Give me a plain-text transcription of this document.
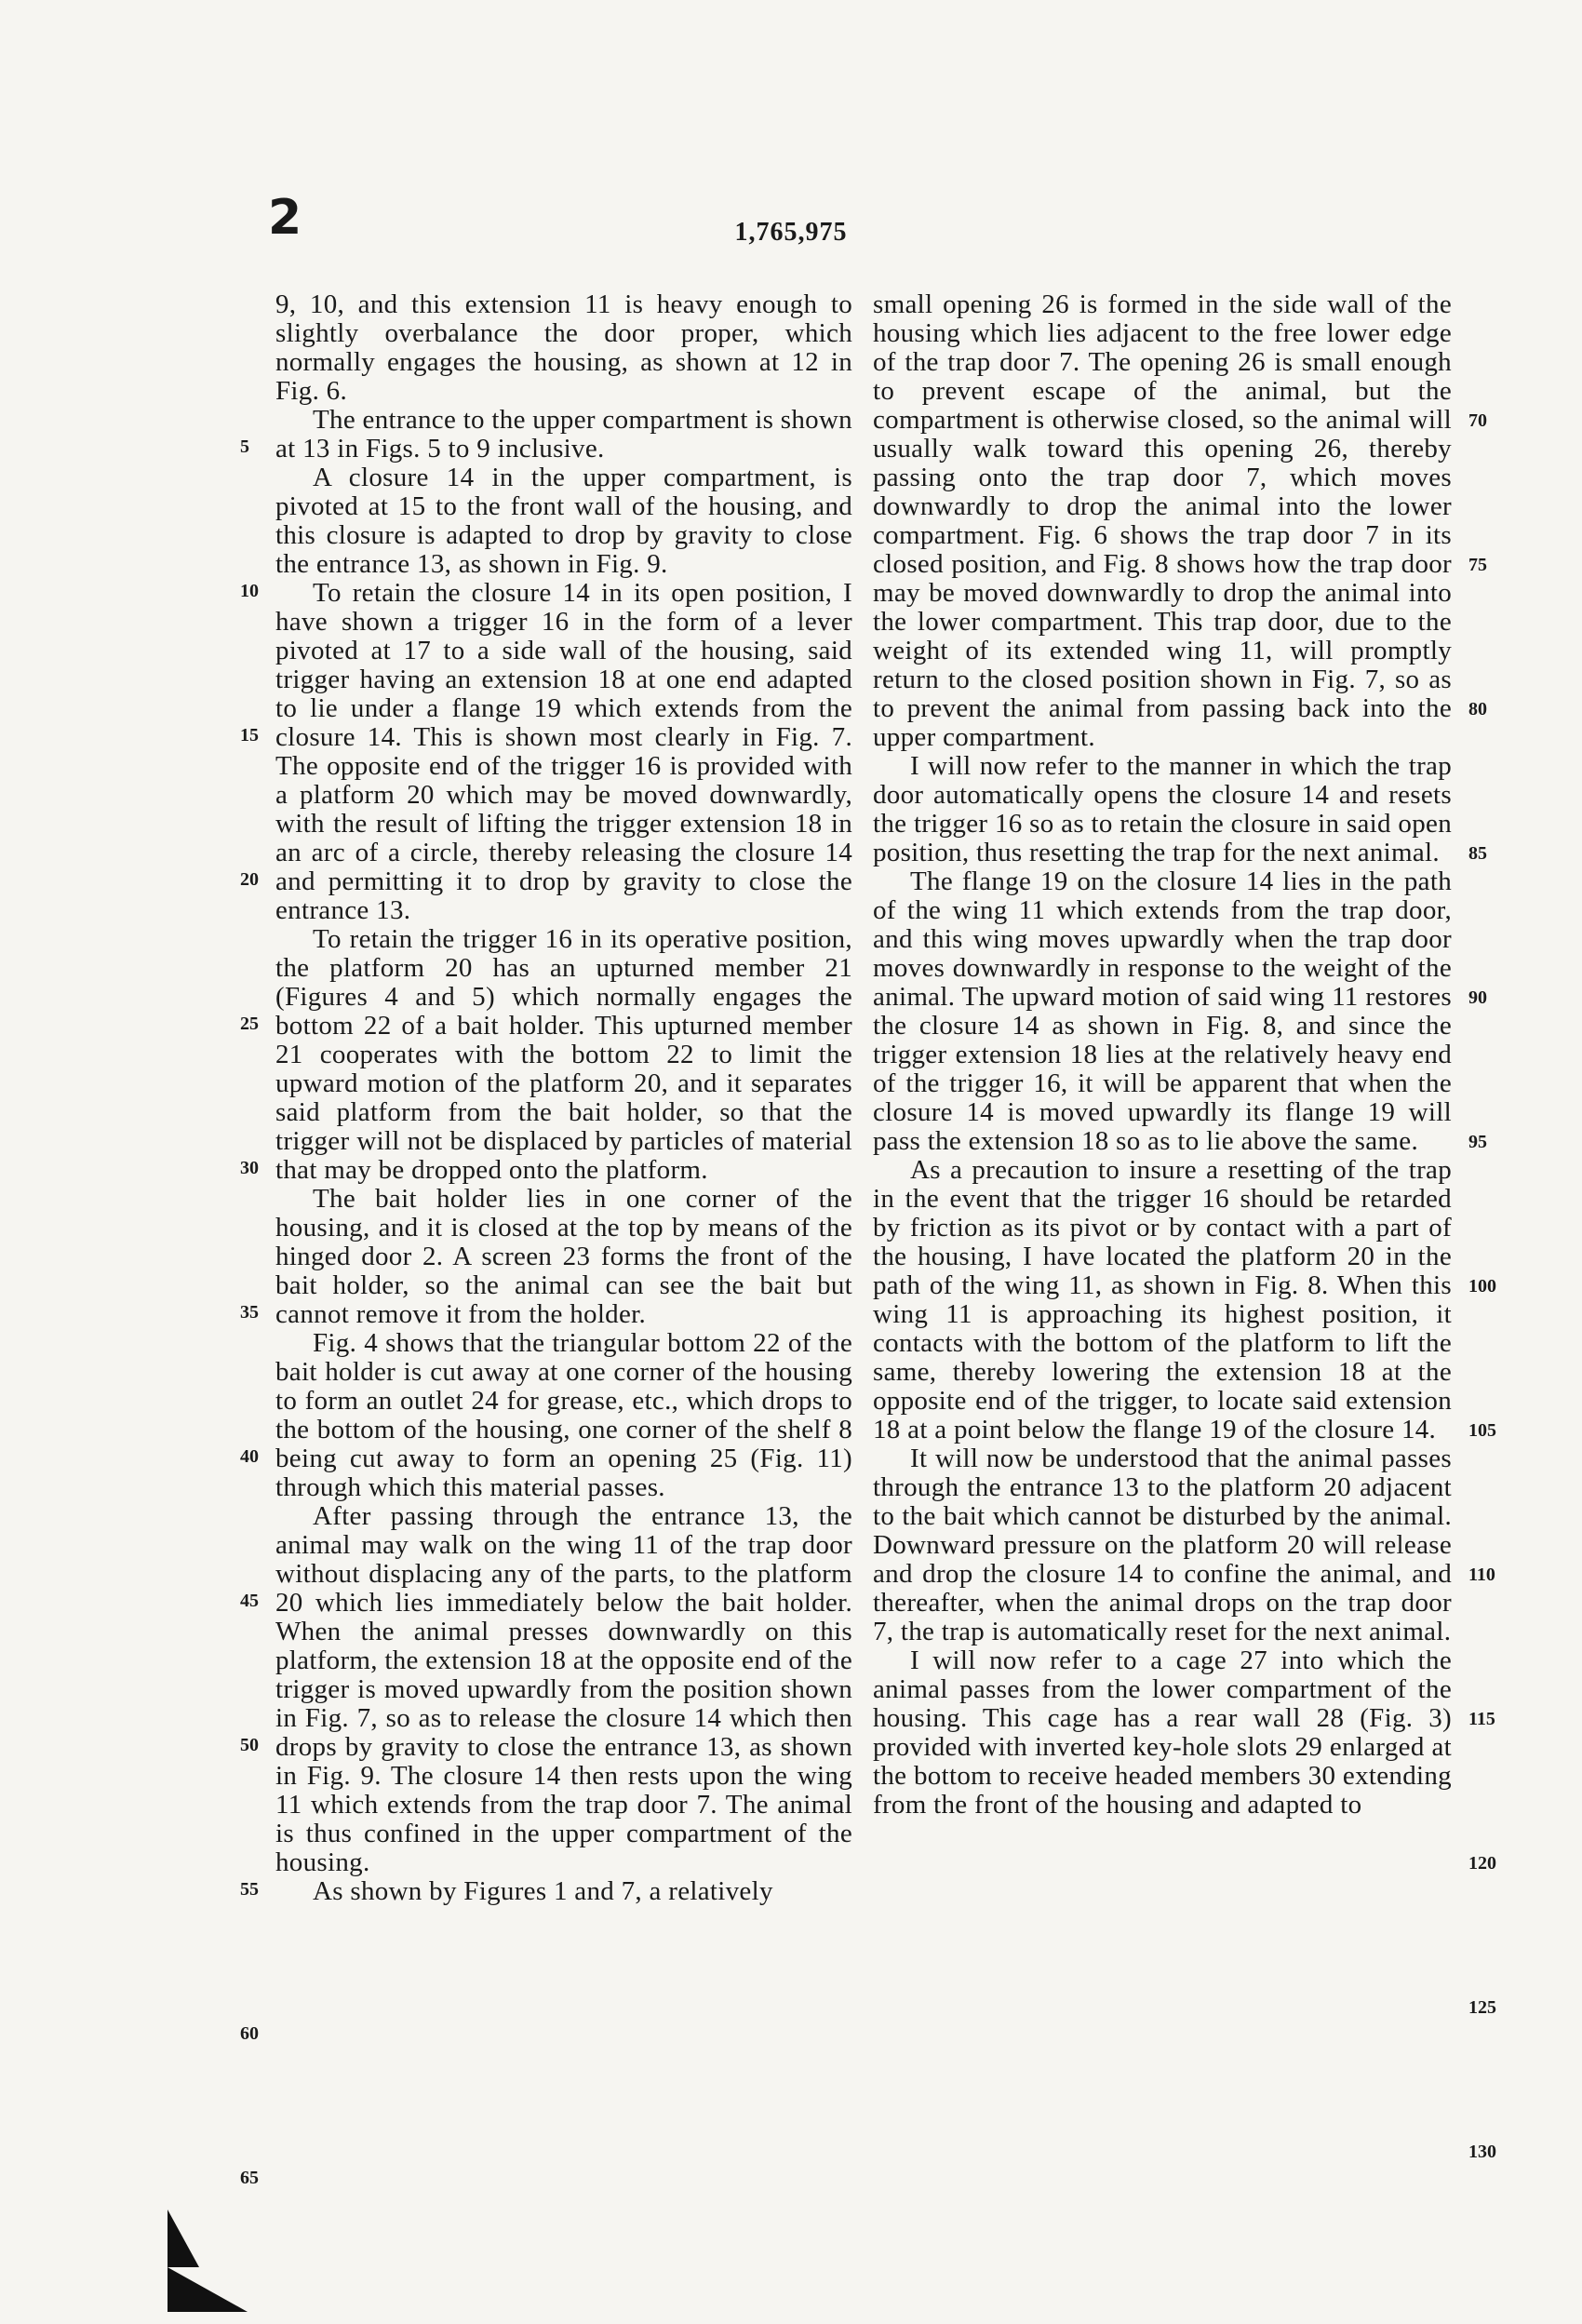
2	1,765,975

9, 10, and this extension 11 is heavy enough to slightly overbalance the door proper, which normally engages the housing, as shown at 12 in Fig. 6.

The entrance to the upper compartment is shown at 13 in Figs. 5 to 9 inclusive.

A closure 14 in the upper compartment, is pivoted at 15 to the front wall of the housing, and this closure is adapted to drop by gravity to close the entrance 13, as shown in Fig. 9.

To retain the closure 14 in its open position, I have shown a trigger 16 in the form of a lever pivoted at 17 to a side wall of the housing, said trigger having an extension 18 at one end adapted to lie under a flange 19 which extends from the closure 14. This is shown most clearly in Fig. 7. The opposite end of the trigger 16 is provided with a platform 20 which may be moved downwardly, with the result of lifting the trigger extension 18 in an arc of a circle, thereby releasing the closure 14 and permitting it to drop by gravity to close the entrance 13.

To retain the trigger 16 in its operative position, the platform 20 has an upturned member 21 (Figures 4 and 5) which normally engages the bottom 22 of a bait holder. This upturned member 21 cooperates with the bottom 22 to limit the upward motion of the platform 20, and it separates said platform from the bait holder, so that the trigger will not be displaced by particles of material that may be dropped onto the platform.

The bait holder lies in one corner of the housing, and it is closed at the top by means of the hinged door 2. A screen 23 forms the front of the bait holder, so the animal can see the bait but cannot remove it from the holder.

Fig. 4 shows that the triangular bottom 22 of the bait holder is cut away at one corner of the housing to form an outlet 24 for grease, etc., which drops to the bottom of the housing, one corner of the shelf 8 being cut away to form an opening 25 (Fig. 11) through which this material passes.

After passing through the entrance 13, the animal may walk on the wing 11 of the trap door without displacing any of the parts, to the platform 20 which lies immediately below the bait holder. When the animal presses downwardly on this platform, the extension 18 at the opposite end of the trigger is moved upwardly from the position shown in Fig. 7, so as to release the closure 14 which then drops by gravity to close the entrance 13, as shown in Fig. 9. The closure 14 then rests upon the wing 11 which extends from the trap door 7. The animal is thus confined in the upper compartment of the housing.

As shown by Figures 1 and 7, a relatively

small opening 26 is formed in the side wall of the housing which lies adjacent to the free lower edge of the trap door 7. The opening 26 is small enough to prevent escape of the animal, but the compartment is otherwise closed, so the animal will usually walk toward this opening 26, thereby passing onto the trap door 7, which moves downwardly to drop the animal into the lower compartment. Fig. 6 shows the trap door 7 in its closed position, and Fig. 8 shows how the trap door may be moved downwardly to drop the animal into the lower compartment. This trap door, due to the weight of its extended wing 11, will promptly return to the closed position shown in Fig. 7, so as to prevent the animal from passing back into the upper compartment.

I will now refer to the manner in which the trap door automatically opens the closure 14 and resets the trigger 16 so as to retain the closure in said open position, thus resetting the trap for the next animal.

The flange 19 on the closure 14 lies in the path of the wing 11 which extends from the trap door, and this wing moves upwardly when the trap door moves downwardly in response to the weight of the animal. The upward motion of said wing 11 restores the closure 14 as shown in Fig. 8, and since the trigger extension 18 lies at the relatively heavy end of the trigger 16, it will be apparent that when the closure 14 is moved upwardly its flange 19 will pass the extension 18 so as to lie above the same.

As a precaution to insure a resetting of the trap in the event that the trigger 16 should be retarded by friction as its pivot or by contact with a part of the housing, I have located the platform 20 in the path of the wing 11, as shown in Fig. 8. When this wing 11 is approaching its highest position, it contacts with the bottom of the platform to lift the same, thereby lowering the extension 18 at the opposite end of the trigger, to locate said extension 18 at a point below the flange 19 of the closure 14.

It will now be understood that the animal passes through the entrance 13 to the platform 20 adjacent to the bait which cannot be disturbed by the animal. Downward pressure on the platform 20 will release and drop the closure 14 to confine the animal, and thereafter, when the animal drops on the trap door 7, the trap is automatically reset for the next animal.

I will now refer to a cage 27 into which the animal passes from the lower compartment of the housing. This cage has a rear wall 28 (Fig. 3) provided with inverted key-hole slots 29 enlarged at the bottom to receive headed members 30 extending from the front of the housing and adapted to

5
10
15
20
25
30
35
40
45
50
55
60
65
70
75
80
85
90
95
100
105
110
115
120
125
130
